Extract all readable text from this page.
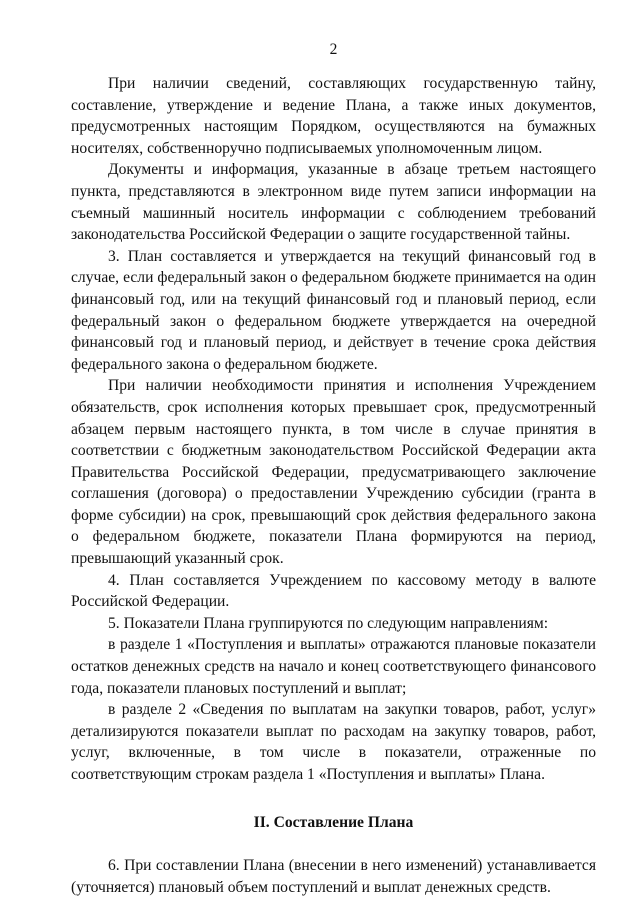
2

При наличии сведений, составляющих государственную тайну, составление, утверждение и ведение Плана, а также иных документов, предусмотренных настоящим Порядком, осуществляются на бумажных носителях, собственноручно подписываемых уполномоченным лицом.

Документы и информация, указанные в абзаце третьем настоящего пункта, представляются в электронном виде путем записи информации на съемный машинный носитель информации с соблюдением требований законодательства Российской Федерации о защите государственной тайны.

3. План составляется и утверждается на текущий финансовый год в случае, если федеральный закон о федеральном бюджете принимается на один финансовый год, или на текущий финансовый год и плановый период, если федеральный закон о федеральном бюджете утверждается на очередной финансовый год и плановый период, и действует в течение срока действия федерального закона о федеральном бюджете.

При наличии необходимости принятия и исполнения Учреждением обязательств, срок исполнения которых превышает срок, предусмотренный абзацем первым настоящего пункта, в том числе в случае принятия в соответствии с бюджетным законодательством Российской Федерации акта Правительства Российской Федерации, предусматривающего заключение соглашения (договора) о предоставлении Учреждению субсидии (гранта в форме субсидии) на срок, превышающий срок действия федерального закона о федеральном бюджете, показатели Плана формируются на период, превышающий указанный срок.

4. План составляется Учреждением по кассовому методу в валюте Российской Федерации.

5. Показатели Плана группируются по следующим направлениям:

в разделе 1 «Поступления и выплаты» отражаются плановые показатели остатков денежных средств на начало и конец соответствующего финансового года, показатели плановых поступлений и выплат;

в разделе 2 «Сведения по выплатам на закупки товаров, работ, услуг» детализируются показатели выплат по расходам на закупку товаров, работ, услуг, включенные, в том числе в показатели, отраженные по соответствующим строкам раздела 1 «Поступления и выплаты» Плана.

II. Составление Плана

6. При составлении Плана (внесении в него изменений) устанавливается (уточняется) плановый объем поступлений и выплат денежных средств.
